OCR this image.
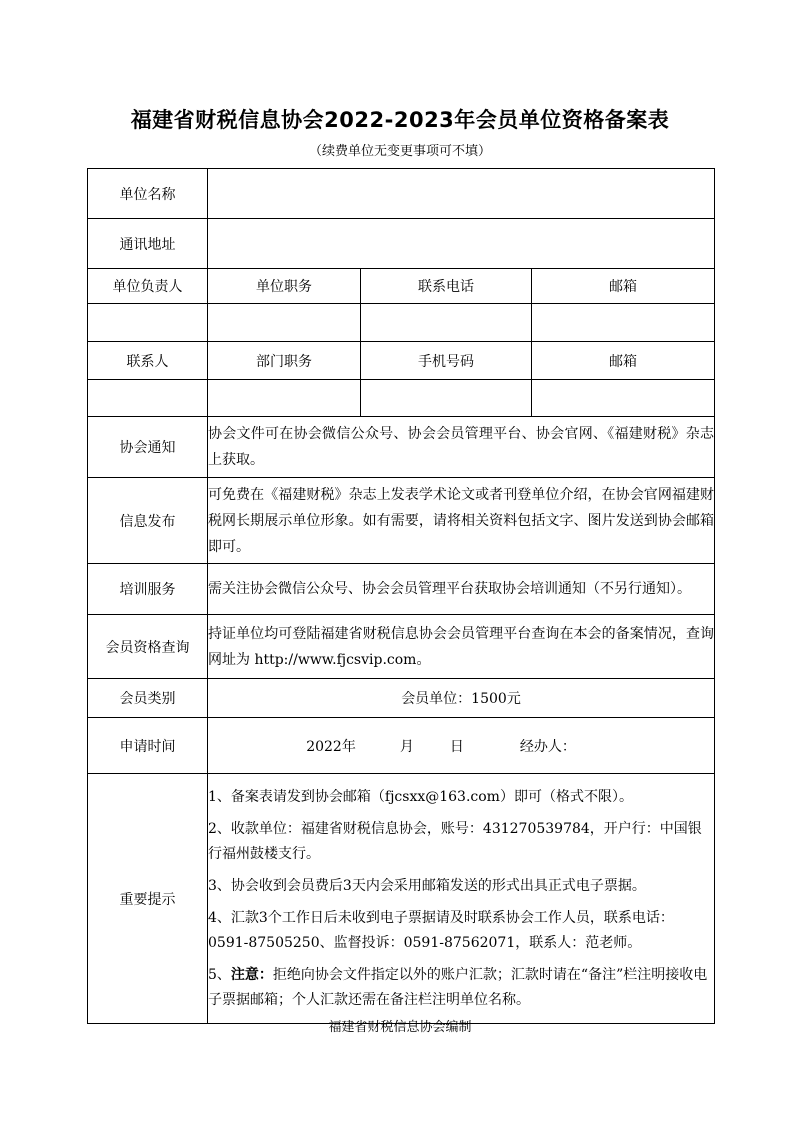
福建省财税信息协会2022-2023年会员单位资格备案表
（续费单位无变更事项可不填）
单位名称			
通讯地址			
单位负责人	单位职务	联系电话	邮箱

联系人	部门职务	手机号码	邮箱

协会通知	协会文件可在协会微信公众号、协会会员管理平台、协会官网、《福建财税》杂志上获取。		
信息发布	可免费在《福建财税》杂志上发表学术论文或者刊登单位介绍，在协会官网福建财税网长期展示单位形象。如有需要，请将相关资料包括文字、图片发送到协会邮箱即可。		
培训服务	需关注协会微信公众号、协会会员管理平台获取协会培训通知（不另行通知）。		
会员资格查询	持证单位均可登陆福建省财税信息协会会员管理平台查询在本会的备案情况，查询网址为 http://www.fjcsvip.com。		
会员类别	会员单位：1500元		
申请时间	2022年 月 日 经办人：		
重要提示	1、备案表请发到协会邮箱（fjcsxx@163.com）即可（格式不限）。
2、收款单位：福建省财税信息协会，账号：431270539784，开户行：中国银行福州鼓楼支行。
3、协会收到会员费后3天内会采用邮箱发送的形式出具正式电子票据。
4、汇款3个工作日后未收到电子票据请及时联系协会工作人员，联系电话：0591-87505250、监督投诉：0591-87562071，联系人：范老师。
5、注意：拒绝向协会文件指定以外的账户汇款；汇款时请在“备注”栏注明接收电子票据邮箱；个人汇款还需在备注栏注明单位名称。		
福建省财税信息协会编制
